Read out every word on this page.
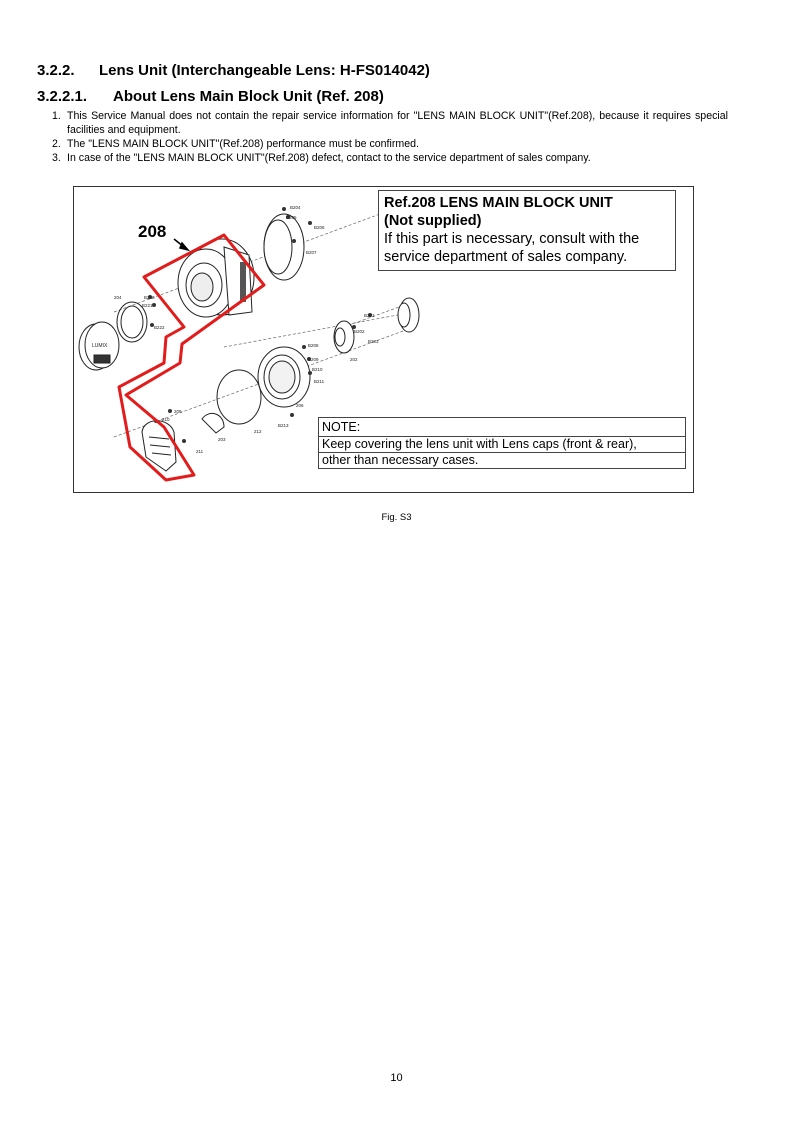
3.2.2. Lens Unit (Interchangeable Lens: H-FS014042)
3.2.2.1. About Lens Main Block Unit (Ref. 208)
1. This Service Manual does not contain the repair service information for "LENS MAIN BLOCK UNIT"(Ref.208), because it requires special facilities and equipment.
2. The "LENS MAIN BLOCK UNIT"(Ref.208) performance must be confirmed.
3. In case of the "LENS MAIN BLOCK UNIT"(Ref.208) defect, contact to the service department of sales company.
LUMIX
B204
B205
B206
B207
204	B220
B221
B222
B201
B202
B203
202
B208
B209
B210
B211
206
B213
212
203
209
210
211
208
Ref.208 LENS MAIN BLOCK UNIT
(Not supplied)
If this part is necessary, consult with the
service department of sales company.
NOTE:
Keep covering the lens unit with Lens caps (front & rear),
other than necessary cases.
Fig. S3
10
